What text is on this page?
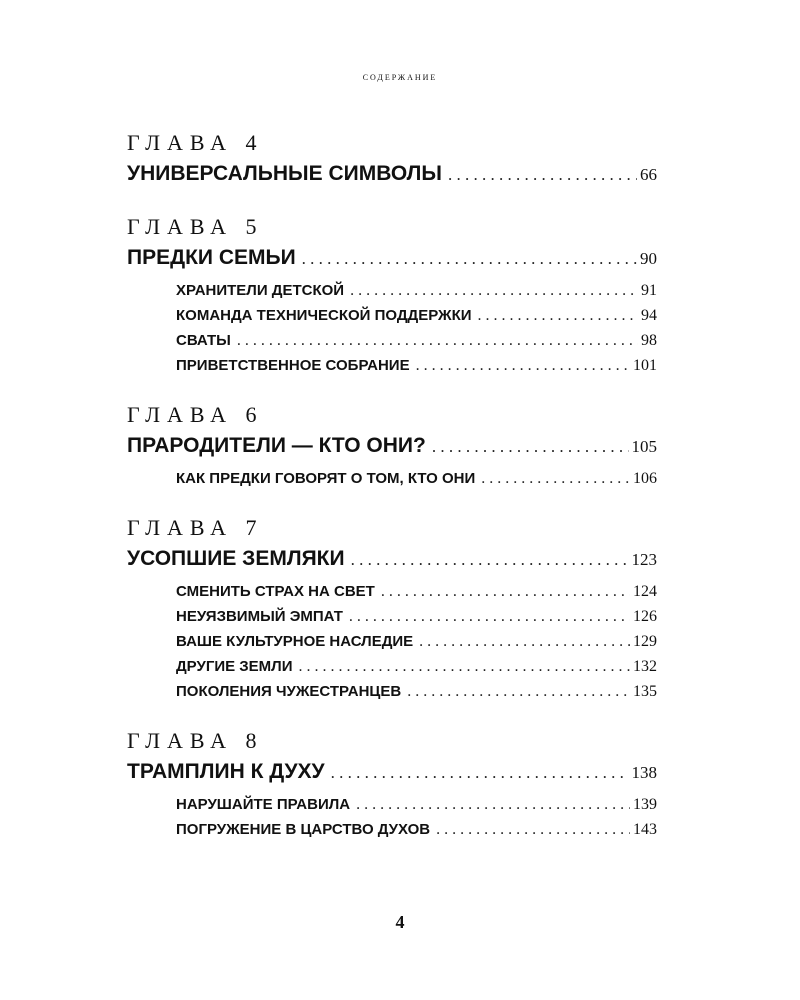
содержание
ГЛАВА 4
УНИВЕРСАЛЬНЫЕ СИМВОЛЫ . . .	66
ГЛАВА 5
ПРЕДКИ СЕМЬИ . . .	90
ХРАНИТЕЛИ ДЕТСКОЙ . . .	91
КОМАНДА ТЕХНИЧЕСКОЙ ПОДДЕРЖКИ . . .	94
СВАТЫ . . .	98
ПРИВЕТСТВЕННОЕ СОБРАНИЕ . . .	101
ГЛАВА 6
ПРАРОДИТЕЛИ — КТО ОНИ? . . .	105
КАК ПРЕДКИ ГОВОРЯТ О ТОМ, КТО ОНИ . . .	106
ГЛАВА 7
УСОПШИЕ ЗЕМЛЯКИ . . .	123
СМЕНИТЬ СТРАХ НА СВЕТ . . .	124
НЕУЯЗВИМЫЙ ЭМПАТ . . .	126
ВАШЕ КУЛЬТУРНОЕ НАСЛЕДИЕ . . .	129
ДРУГИЕ ЗЕМЛИ . . .	132
ПОКОЛЕНИЯ ЧУЖЕСТРАНЦЕВ . . .	135
ГЛАВА 8
ТРАМПЛИН К ДУХУ . . .	138
НАРУШАЙТЕ ПРАВИЛА . . .	139
ПОГРУЖЕНИЕ В ЦАРСТВО ДУХОВ . . .	143
4
